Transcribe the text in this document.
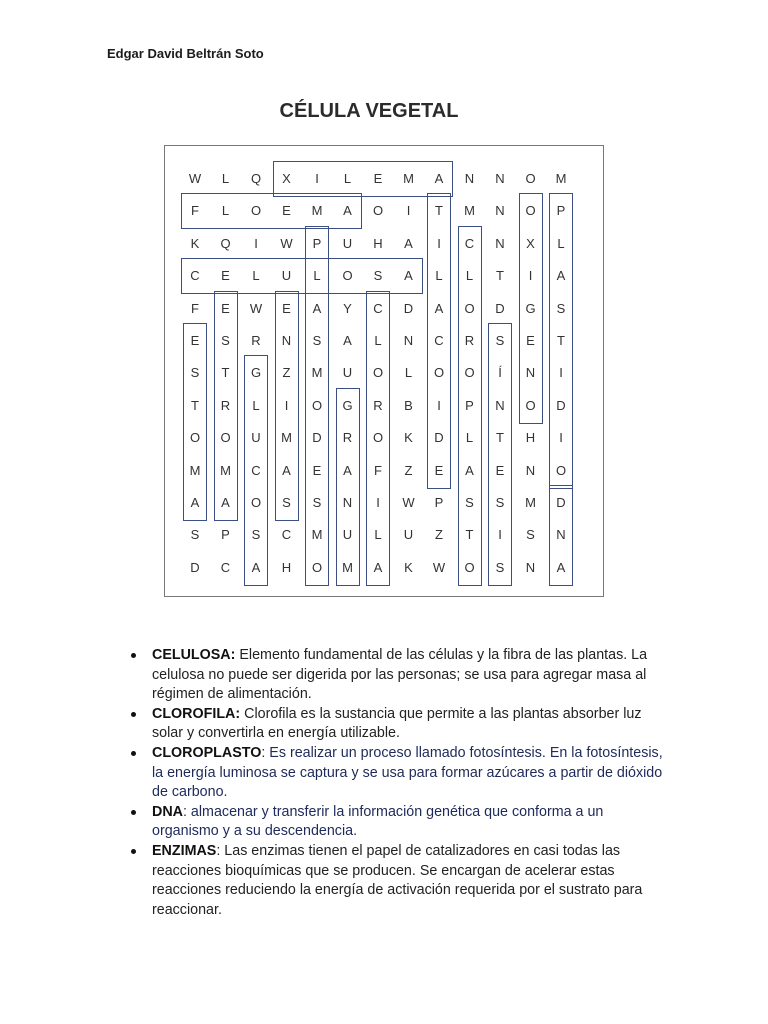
Edgar David Beltrán Soto
CÉLULA VEGETAL
W	L	Q	X	I	L	E	M	A	N	N	O	M
F	L	O	E	M	A	O	I	T	M	N	O	P
K	Q	I	W	P	U	H	A	I	C	N	X	L
C	E	L	U	L	O	S	A	L	L	T	I	A
F	E	W	E	A	Y	C	D	A	O	D	G	S
E	S	R	N	S	A	L	N	C	R	S	E	T
S	T	G	Z	M	U	O	L	O	O	Í	N	I
T	R	L	I	O	G	R	B	I	P	N	O	D
O	O	U	M	D	R	O	K	D	L	T	H	I
M	M	C	A	E	A	F	Z	E	A	E	N	O
A	A	O	S	S	N	I	W	P	S	S	M	D
S	P	S	C	M	U	L	U	Z	T	I	S	N
D	C	A	H	O	M	A	K	W	O	S	N	A
CELULOSA: Elemento fundamental de las células y la fibra de las plantas. La celulosa no puede ser digerida por las personas; se usa para agregar masa al régimen de alimentación.
CLOROFILA: Clorofila es la sustancia que permite a las plantas absorber luz solar y convertirla en energía utilizable.
CLOROPLASTO: Es realizar un proceso llamado fotosíntesis. En la fotosíntesis, la energía luminosa se captura y se usa para formar azúcares a partir de dióxido de carbono.
DNA: almacenar y transferir la información genética que conforma a un organismo y a su descendencia.
ENZIMAS: Las enzimas tienen el papel de catalizadores en casi todas las reacciones bioquímicas que se producen. Se encargan de acelerar estas reacciones reduciendo la energía de activación requerida por el sustrato para reaccionar.
